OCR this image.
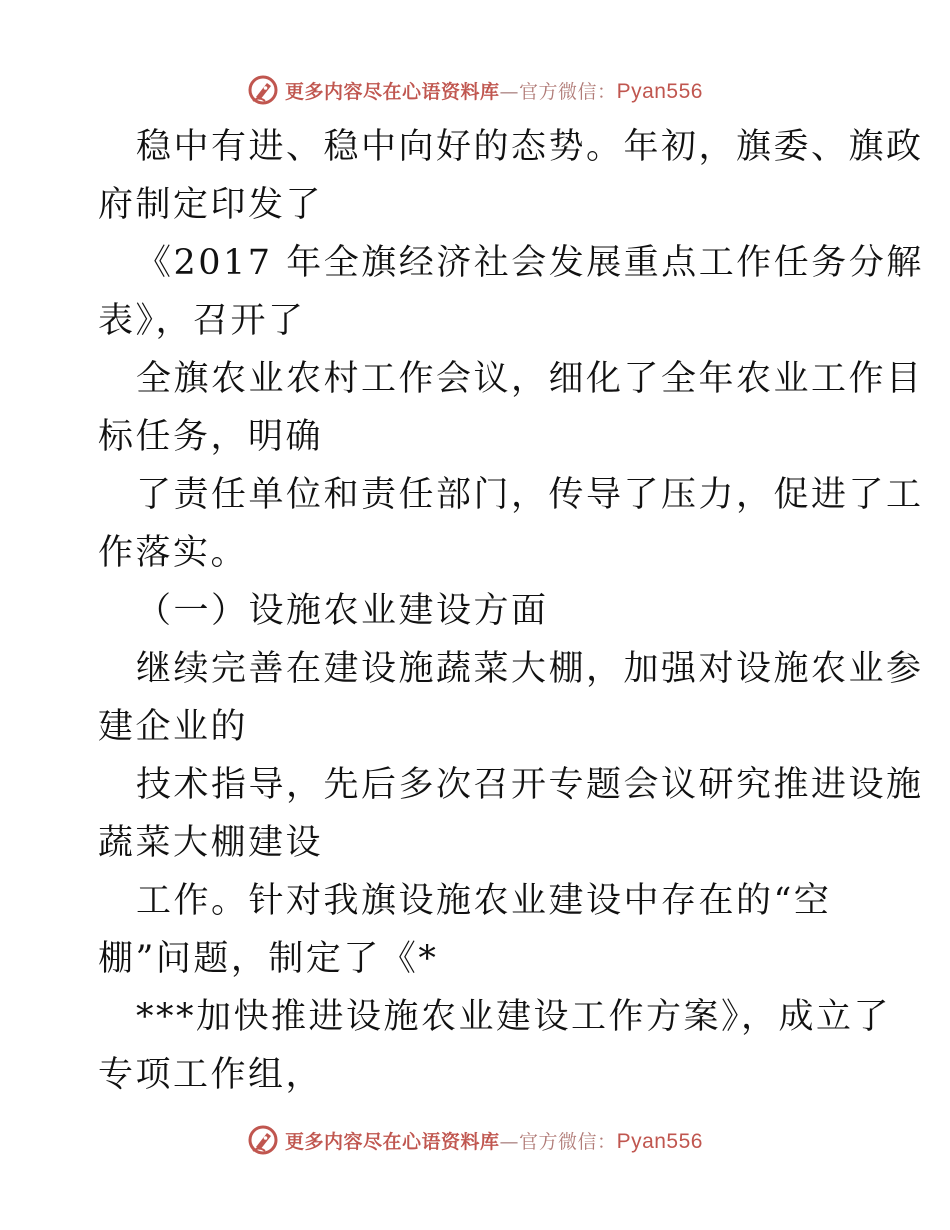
更多内容尽在心语资料库 — 官方微信： Pyan556

稳中有进、稳中向好的态势。年初，旗委、旗政
府制定印发了

《2017 年全旗经济社会发展重点工作任务分解
表》，召开了

全旗农业农村工作会议，细化了全年农业工作目
标任务，明确

了责任单位和责任部门，传导了压力，促进了工
作落实。

（一）设施农业建设方面

继续完善在建设施蔬菜大棚，加强对设施农业参
建企业的

技术指导，先后多次召开专题会议研究推进设施
蔬菜大棚建设

工作。针对我旗设施农业建设中存在的“空
棚”问题，制定了《*

***加快推进设施农业建设工作方案》，成立了
专项工作组，

更多内容尽在心语资料库 — 官方微信： Pyan556
